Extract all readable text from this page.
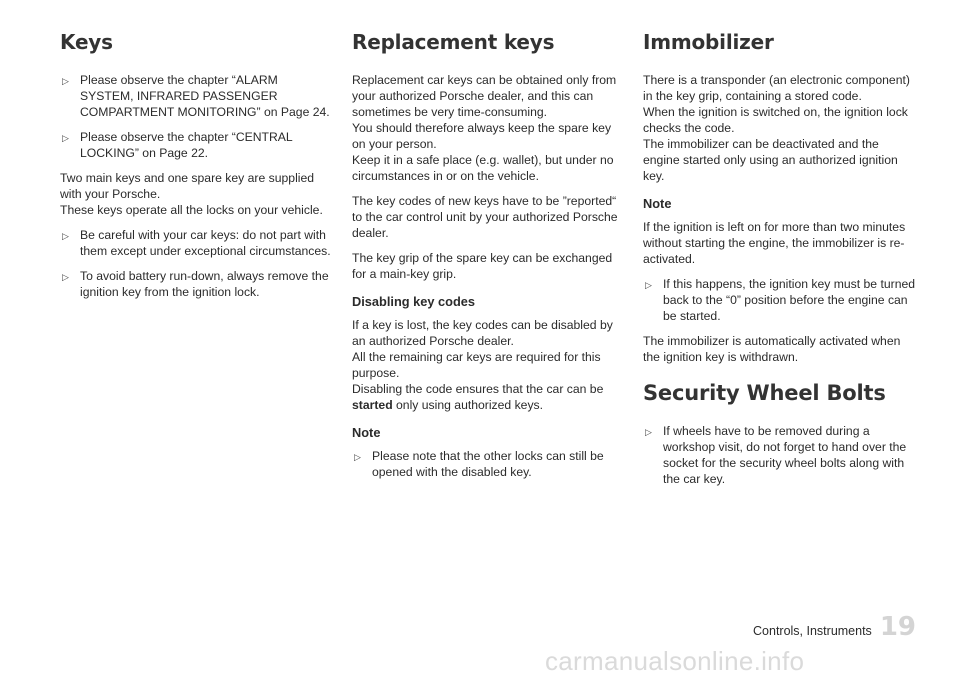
Keys
▷ Please observe the chapter “ALARM SYSTEM, INFRARED PASSENGER COMPARTMENT MONITORING” on Page 24.
▷ Please observe the chapter “CENTRAL LOCKING” on Page 22.

Two main keys and one spare key are supplied with your Porsche.

These keys operate all the locks on your vehicle.

▷ Be careful with your car keys: do not part with them except under exceptional circumstances.
▷ To avoid battery run-down, always remove the ignition key from the ignition lock.
Replacement keys

Replacement car keys can be obtained only from your authorized Porsche dealer, and this can sometimes be very time-consuming.

You should therefore always keep the spare key on your person.

Keep it in a safe place (e.g. wallet), but under no circumstances in or on the vehicle.

The key codes of new keys have to be ”reported“ to the car control unit by your authorized Porsche dealer.

The key grip of the spare key can be exchanged for a main-key grip.

Disabling key codes

If a key is lost, the key codes can be disabled by an authorized Porsche dealer.

All the remaining car keys are required for this purpose.

Disabling the code ensures that the car can be started only using authorized keys.

Note
▷ Please note that the other locks can still be opened with the disabled key.
Immobilizer

There is a transponder (an electronic component) in the key grip, containing a stored code.

When the ignition is switched on, the ignition lock checks the code.

The immobilizer can be deactivated and the engine started only using an authorized ignition key.

Note

If the ignition is left on for more than two minutes without starting the engine, the immobilizer is re-activated.

▷ If this happens, the ignition key must be turned back to the “0” position before the engine can be started.

The immobilizer is automatically activated when the ignition key is withdrawn.

Security Wheel Bolts
▷ If wheels have to be removed during a workshop visit, do not forget to hand over the socket for the security wheel bolts along with the car key.
Controls, Instruments 19
carmanualsonline.info
